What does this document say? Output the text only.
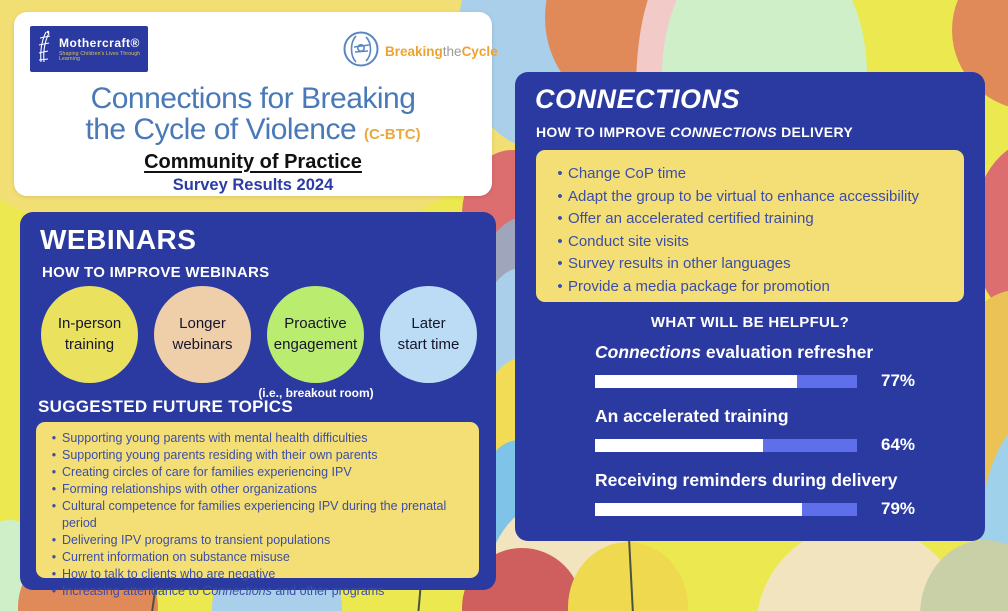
Mothercraft®
Shaping Children's Lives Through Learning	BreakingtheCycle
Connections for Breaking
the Cycle of Violence (C-BTC)
Community of Practice
Survey Results 2024
WEBINARS
HOW TO IMPROVE WEBINARS
In-person
training
Longer
webinars
Proactive
engagement
Later
start time
(i.e., breakout room)
SUGGESTED FUTURE TOPICS
•
Supporting young parents with mental health difficulties
•
Supporting young parents residing with their own parents
•
Creating circles of care for families experiencing IPV
•
Forming relationships with other organizations
•
Cultural competence for families experiencing IPV during the prenatal period
•
Delivering IPV programs to transient populations
•
Current information on substance misuse
•
How to talk to clients who are negative
•
Increasing attendance to Connections and other programs
CONNECTIONS
HOW TO IMPROVE CONNECTIONS DELIVERY
•
Change CoP time
•
Adapt the group to be virtual to enhance accessibility
•
Offer an accelerated certified training
•
Conduct site visits
•
Survey results in other languages
•
Provide a media package for promotion
WHAT WILL BE HELPFUL?
Connections evaluation refresher
77%
An accelerated training
64%
Receiving reminders during delivery
79%
